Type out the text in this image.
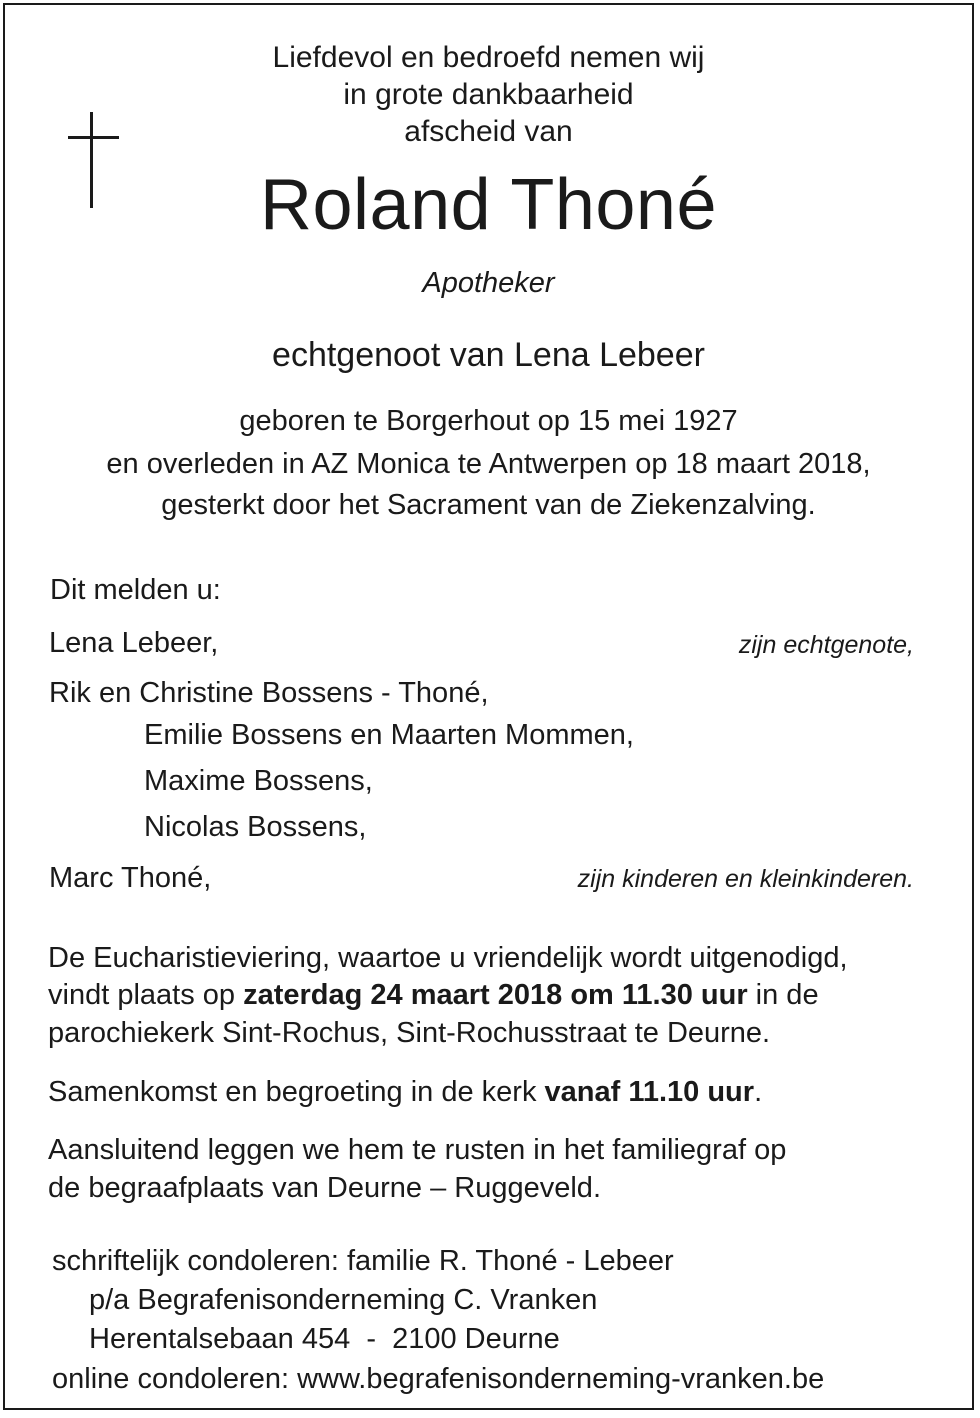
Liefdevol en bedroefd nemen wij
in grote dankbaarheid
afscheid van
Roland Thoné
Apotheker
echtgenoot van Lena Lebeer
geboren te Borgerhout op 15 mei 1927
en overleden in AZ Monica te Antwerpen op 18 maart 2018,
gesterkt door het Sacrament van de Ziekenzalving.
Dit melden u:
Lena Lebeer,	zijn echtgenote,
Rik en Christine Bossens - Thoné,
Emilie Bossens en Maarten Mommen,
Maxime Bossens,
Nicolas Bossens,
Marc Thoné,	zijn kinderen en kleinkinderen.
De Eucharistieviering, waartoe u vriendelijk wordt uitgenodigd,
vindt plaats op zaterdag 24 maart 2018 om 11.30 uur in de
parochiekerk Sint-Rochus, Sint-Rochusstraat te Deurne.
Samenkomst en begroeting in de kerk vanaf 11.10 uur.
Aansluitend leggen we hem te rusten in het familiegraf op
de begraafplaats van Deurne – Ruggeveld.
schriftelijk condoleren: familie R. Thoné - Lebeer
p/a Begrafenisonderneming C. Vranken
Herentalsebaan 454  -  2100 Deurne
online condoleren: www.begrafenisonderneming-vranken.be
